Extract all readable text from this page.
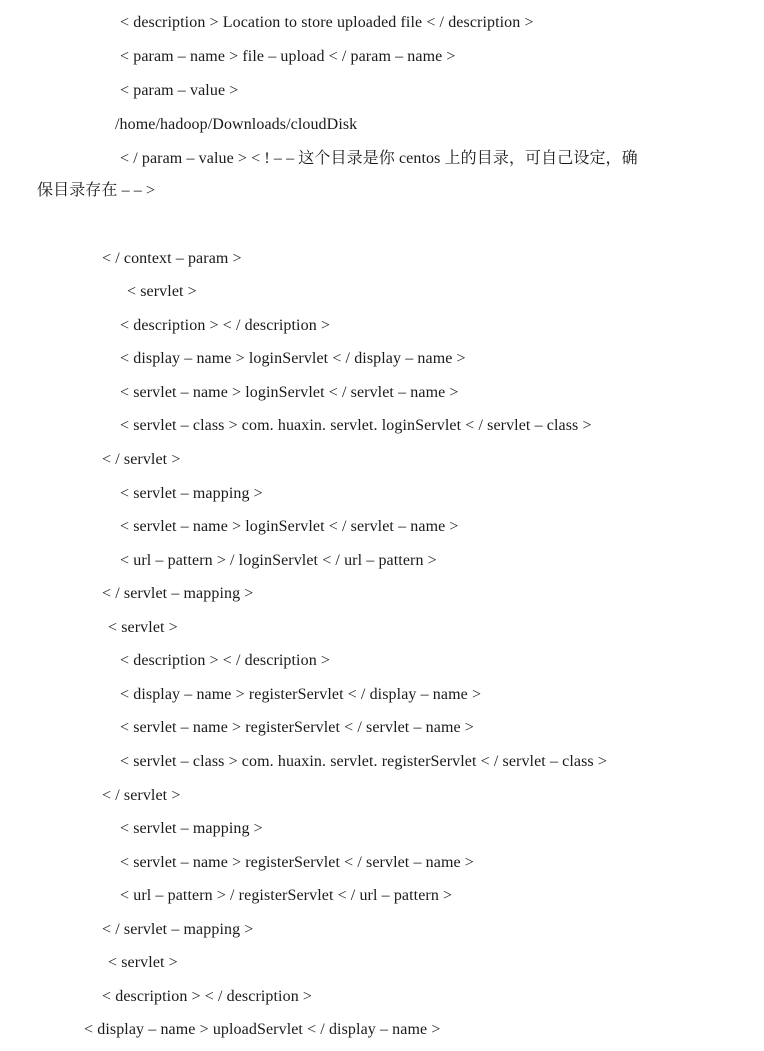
< description > Location to store uploaded file < / description >
< param – name > file – upload < / param – name >
< param – value >
/home/hadoop/Downloads/cloudDisk
< / param – value > < ! – – 这个目录是你 centos 上的目录，可自己设定，确
保目录存在 – – >
< / context – param >
< servlet >
< description > < / description >
< display – name > loginServlet < / display – name >
< servlet – name > loginServlet < / servlet – name >
< servlet – class > com. huaxin. servlet. loginServlet < / servlet – class >
< / servlet >
< servlet – mapping >
< servlet – name > loginServlet < / servlet – name >
< url – pattern > / loginServlet < / url – pattern >
< / servlet – mapping >
< servlet >
< description > < / description >
< display – name > registerServlet < / display – name >
< servlet – name > registerServlet < / servlet – name >
< servlet – class > com. huaxin. servlet. registerServlet < / servlet – class >
< / servlet >
< servlet – mapping >
< servlet – name > registerServlet < / servlet – name >
< url – pattern > / registerServlet < / url – pattern >
< / servlet – mapping >
< servlet >
< description > < / description >
< display – name > uploadServlet < / display – name >
